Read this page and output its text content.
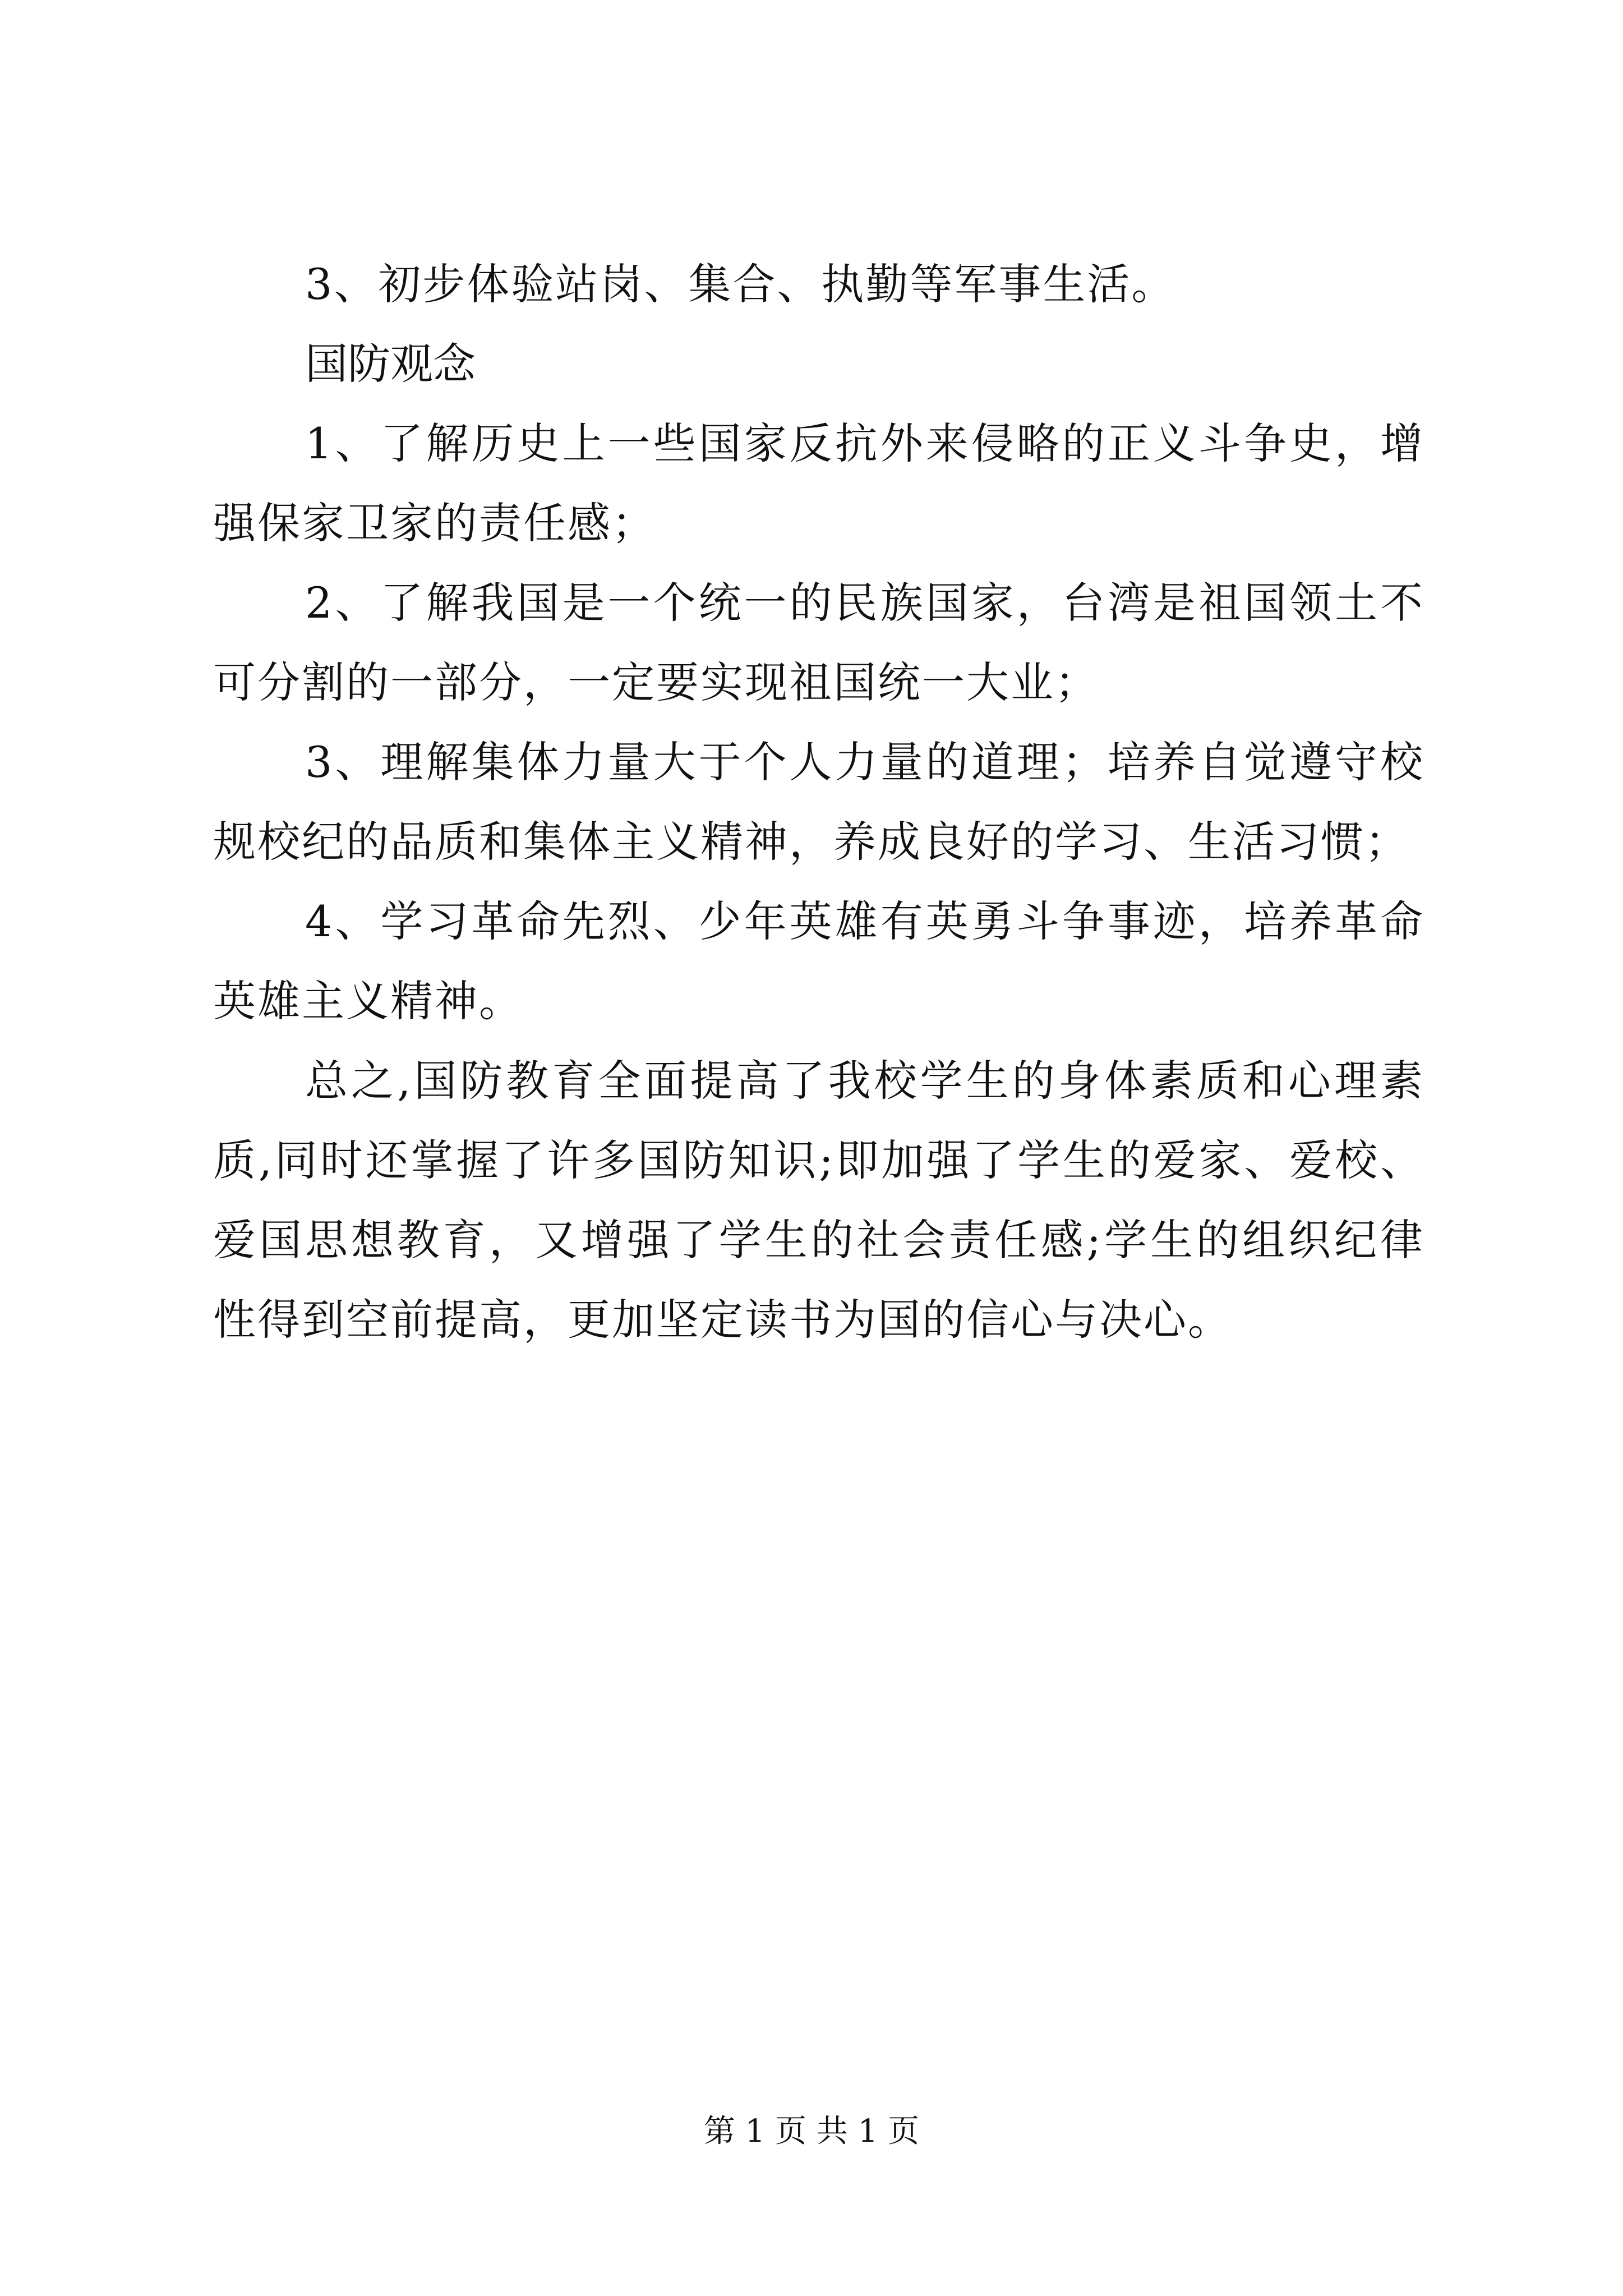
3、初步体验站岗、集合、执勤等军事生活。

国防观念

1、了解历史上一些国家反抗外来侵略的正义斗争史，增强保家卫家的责任感；

2、了解我国是一个统一的民族国家，台湾是祖国领土不可分割的一部分，一定要实现祖国统一大业；

3、理解集体力量大于个人力量的道理；培养自觉遵守校规校纪的品质和集体主义精神，养成良好的学习、生活习惯；

4、学习革命先烈、少年英雄有英勇斗争事迹，培养革命英雄主义精神。

总之,国防教育全面提高了我校学生的身体素质和心理素质,同时还掌握了许多国防知识;即加强了学生的爱家、爱校、爱国思想教育，又增强了学生的社会责任感;学生的组织纪律性得到空前提高，更加坚定读书为国的信心与决心。

第 1 页 共 1 页
